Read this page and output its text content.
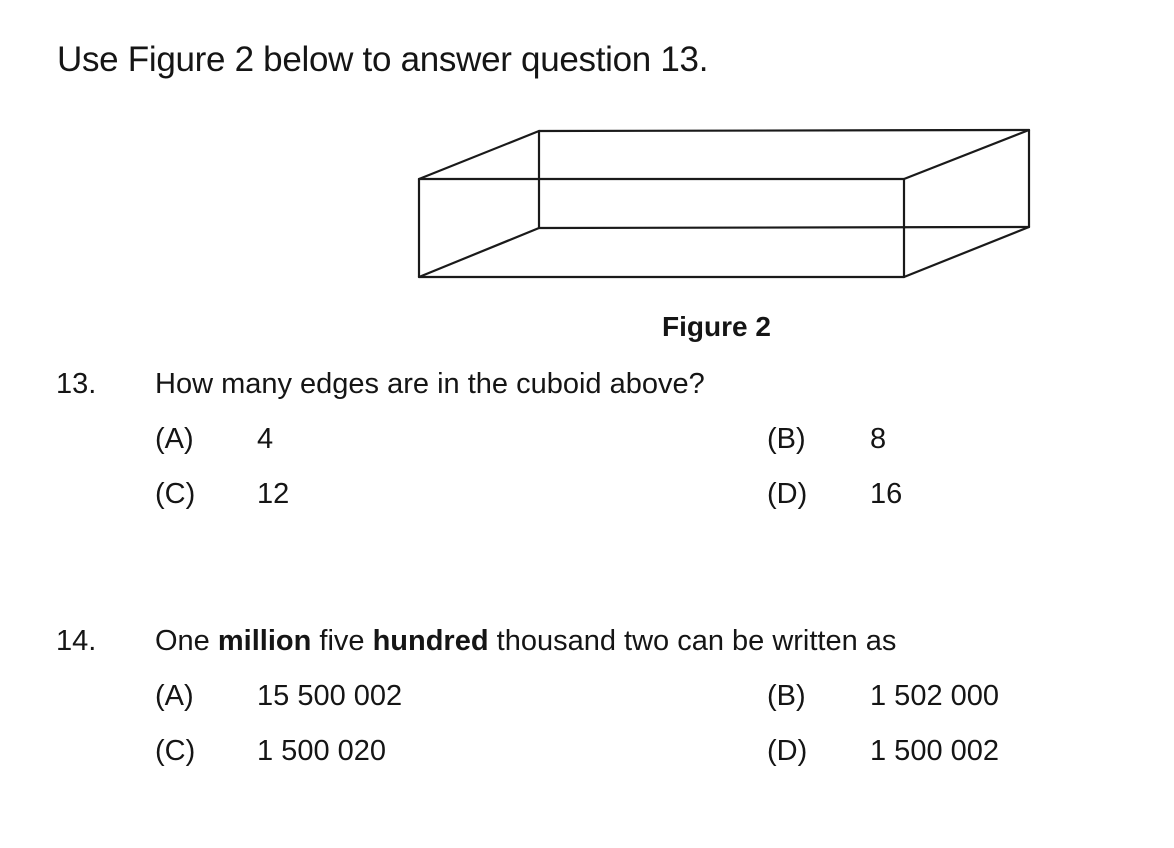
Use Figure 2 below to answer question 13.
Figure 2
13. How many edges are in the cuboid above?
(A) 4	(B) 8
(C) 12	(D) 16
14. One million five hundred thousand two can be written as
(A) 15 500 002	(B) 1 502 000
(C) 1 500 020	(D) 1 500 002
